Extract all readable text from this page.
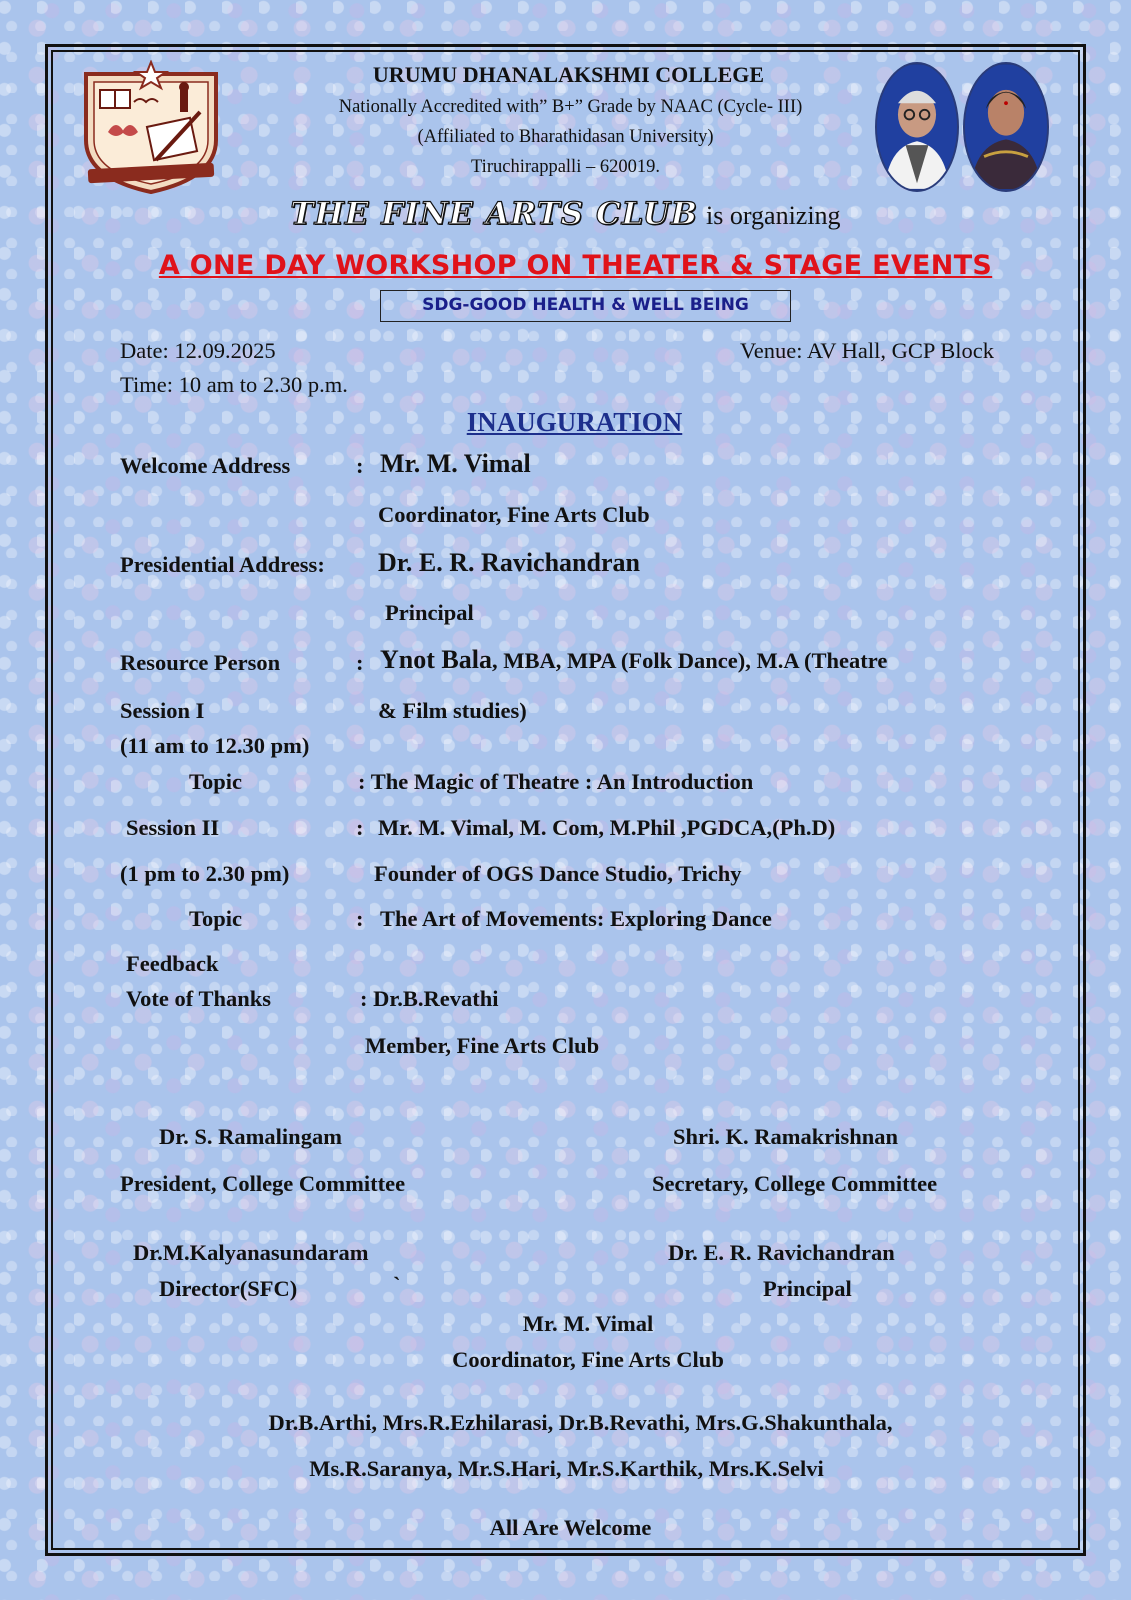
URUMU DHANALAKSHMI COLLEGE
Nationally Accredited with” B+” Grade by NAAC (Cycle- III)
(Affiliated to Bharathidasan University)
Tiruchirappalli – 620019.
THE FINE ARTS CLUB is organizing
A ONE DAY WORKSHOP ON THEATER & STAGE EVENTS
SDG-GOOD HEALTH & WELL BEING
Date: 12.09.2025
Time: 10 am to 2.30 p.m.
Venue: AV Hall, GCP Block
INAUGURATION
Welcome Address	: Mr. M. Vimal
Coordinator, Fine Arts Club
Presidential Address: Dr. E. R. Ravichandran
Principal
Resource Person	: Ynot Bala, MBA, MPA (Folk Dance), M.A (Theatre
Session I	& Film studies)
(11 am to 12.30 pm)
Topic	: The Magic of Theatre : An Introduction
Session II	: Mr. M. Vimal, M. Com, M.Phil ,PGDCA,(Ph.D)
(1 pm to 2.30 pm)	Founder of OGS Dance Studio, Trichy
Topic	: The Art of Movements: Exploring Dance
Feedback
Vote of Thanks	: Dr.B.Revathi
Member, Fine Arts Club
Dr. S. Ramalingam
President, College Committee
Shri. K. Ramakrishnan
Secretary, College Committee
Dr.M.Kalyanasundaram
Director(SFC)	`
Dr. E. R. Ravichandran
Principal
Mr. M. Vimal
Coordinator, Fine Arts Club
Dr.B.Arthi, Mrs.R.Ezhilarasi, Dr.B.Revathi, Mrs.G.Shakunthala,
Ms.R.Saranya, Mr.S.Hari, Mr.S.Karthik, Mrs.K.Selvi
All Are Welcome
